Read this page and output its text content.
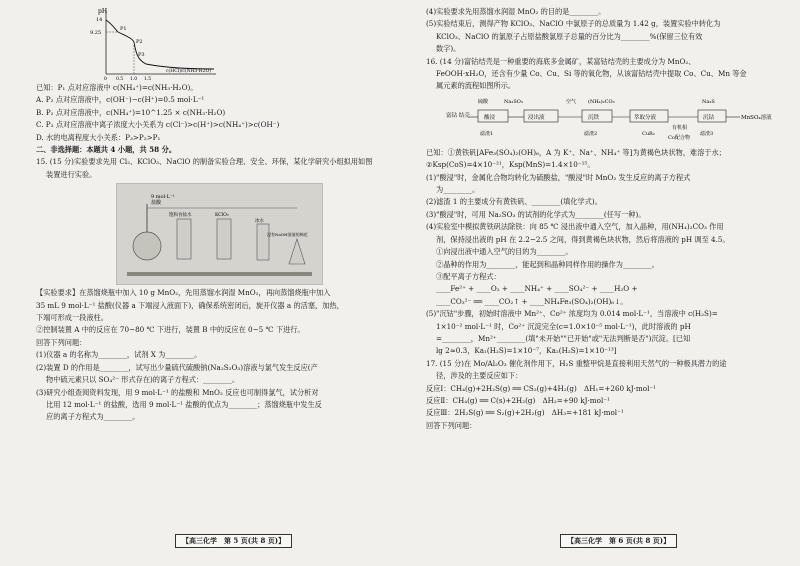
pH
14
9.25
P1
P2
P3
0 0.5 1.0 1.5
c(HCl)/c(NH3·H2O)
已知：P₁ 点对应溶液中 c(NH₄⁺)=c(NH₃·H₂O)。
A. P₂ 点对应溶液中，c(OH⁻)−c(H⁺)=0.5 mol·L⁻¹
B. P₂ 点对应溶液中，c(NH₄⁺)=10^1.25 × c(NH₃·H₂O)
C. P₃ 点对应溶液中离子浓度大小关系为 c(Cl⁻)>c(H⁺)>c(NH₄⁺)>c(OH⁻)
D. 水的电离程度大小关系：P₃>P₂>P₁
二、非选择题：本题共 4 小题，共 58 分。
15. (15 分)实验要求先用 Cl₂、KClO₃、NaClO 的制备实验合理、安全、环保，某化学研究小组拟用如图
装置进行实验。
9 mol·L⁻¹
盐酸
饱和食盐水	KClO₃
冰水
浸有NaOH溶液的棉花
【实验要求】在蒸馏烧瓶中加入 10 g MnO₂，先用蒸馏水润湿 MnO₂，再向蒸馏烧瓶中加入
35 mL 9 mol·L⁻¹ 盐酸(仪器 a 下端浸入液面下)，确保系统密闭后，旋开仪器 a 的活塞，加热，
下端可形成一段液柱。
②控制装置 A 中的反应在 70~80 ℃ 下进行，装置 B 中的反应在 0~5 ℃ 下进行。
回答下列问题：
(1)仪器 a 的名称为________，试剂 X 为________。
(2)装置 D 的作用是________，试写出少量硫代硫酸钠(Na₂S₂O₃)溶液与氯气发生反应(产
物中硫元素只以 SO₄²⁻ 形式存在)的离子方程式：________。
(3)研究小组查阅资料发现，用 9 mol·L⁻¹ 的盐酸和 MnO₂ 反应也可制得氯气，试分析对
比用 12 mol·L⁻¹ 的盐酸，选用 9 mol·L⁻¹ 盐酸的优点为________；蒸馏烧瓶中发生反
应的离子方程式为________。
【高三化学　第 5 页(共 8 页)】
(4)实验要求先用蒸馏水润湿 MnO₂ 的目的是________。
(5)实验结束后，测得产物 KClO₃、NaClO 中氯原子的总质量为 1.42 g，装置实验中转化为
KClO₃、NaClO 的氯原子占原盐酸氯原子总量的百分比为________%(保留三位有效
数字)。
16. (14 分)富钴结壳是一种重要的海底多金属矿，某富钴结壳的主要成分为 MnO₂、
FeOOH·xH₂O，还含有少量 Co、Cu、Si 等的氧化物，从该富钴结壳中提取 Co、Cu、Mn 等金
属元素的流程如图所示。
富钴 结壳	酸浸	浸出液	沉铁	萃取分液	沉钴	MnSO₄溶液
硫酸	Na₂SO₃	空气 (NH₄)₂CO₃	Na₂S
滤渣1	滤渣2	CuR₂
有机相
滤渣3
Co配合物
已知：①黄铁矾[AFe₃(SO₄)₂(OH)₆，A 为 K⁺、Na⁺、NH₄⁺ 等]为黄褐色块状物，难溶于水；
②Ksp(CoS)=4×10⁻²¹，Ksp(MnS)=1.4×10⁻¹⁵。
(1)"酸浸"时，金属化合物均转化为硫酸盐，"酸浸"时 MnO₂ 发生反应的离子方程式
为________。
(2)滤渣 1 的主要成分有黄铁矾、________(填化学式)。
(3)"酸浸"时，可用 Na₂SO₃ 的试剂的化学式为________(任写一种)。
(4)实验室中模拟黄铁矾法除铁：向 85 ℃ 浸出液中通入空气，加入晶种，用(NH₄)₂CO₃ 作用
剂，保持浸出液的 pH 在 2.2~2.5 之间，得到黄褐色块状物，然后将溶液的 pH 调至 4.5。
①向浸出液中通入空气的目的为________。
②晶种的作用为________，能起到和晶种同样作用的操作为________。
③配平离子方程式：
____Fe²⁺ + ____O₂ + ____NH₄⁺ + ____SO₄²⁻ + ____H₂O +
____CO₃²⁻ ══ ____CO₂↑ + ____NH₄Fe₃(SO₄)₂(OH)₆↓。
(5)"沉钴"步骤，初始时溶液中 Mn²⁺、Co²⁺ 浓度均为 0.014 mol·L⁻¹，当溶液中 c(H₂S)=
1×10⁻² mol·L⁻¹ 时，Co²⁺ 沉淀完全(c=1.0×10⁻⁵ mol·L⁻¹)，此时溶液的 pH
=________，Mn²⁺________(填"未开始""已开始"或"无法判断是否")沉淀。[已知
lg 2≈0.3，Ka₁(H₂S)=1×10⁻⁷，Ka₂(H₂S)=1×10⁻¹³]
17. (15 分)在 Mo/Al₂O₃ 催化剂作用下，H₂S 重整甲烷是直接利用天然气的一种极具潜力的途
径，涉及的主要反应如下：
反应Ⅰ：CH₄(g)+2H₂S(g) ══ CS₂(g)+4H₂(g)　ΔH₁=+260 kJ·mol⁻¹
反应Ⅱ：CH₄(g) ══ C(s)+2H₂(g)　ΔH₂=+90 kJ·mol⁻¹
反应Ⅲ：2H₂S(g) ══ S₂(g)+2H₂(g)　ΔH₃=+181 kJ·mol⁻¹
回答下列问题：
【高三化学　第 6 页(共 8 页)】
